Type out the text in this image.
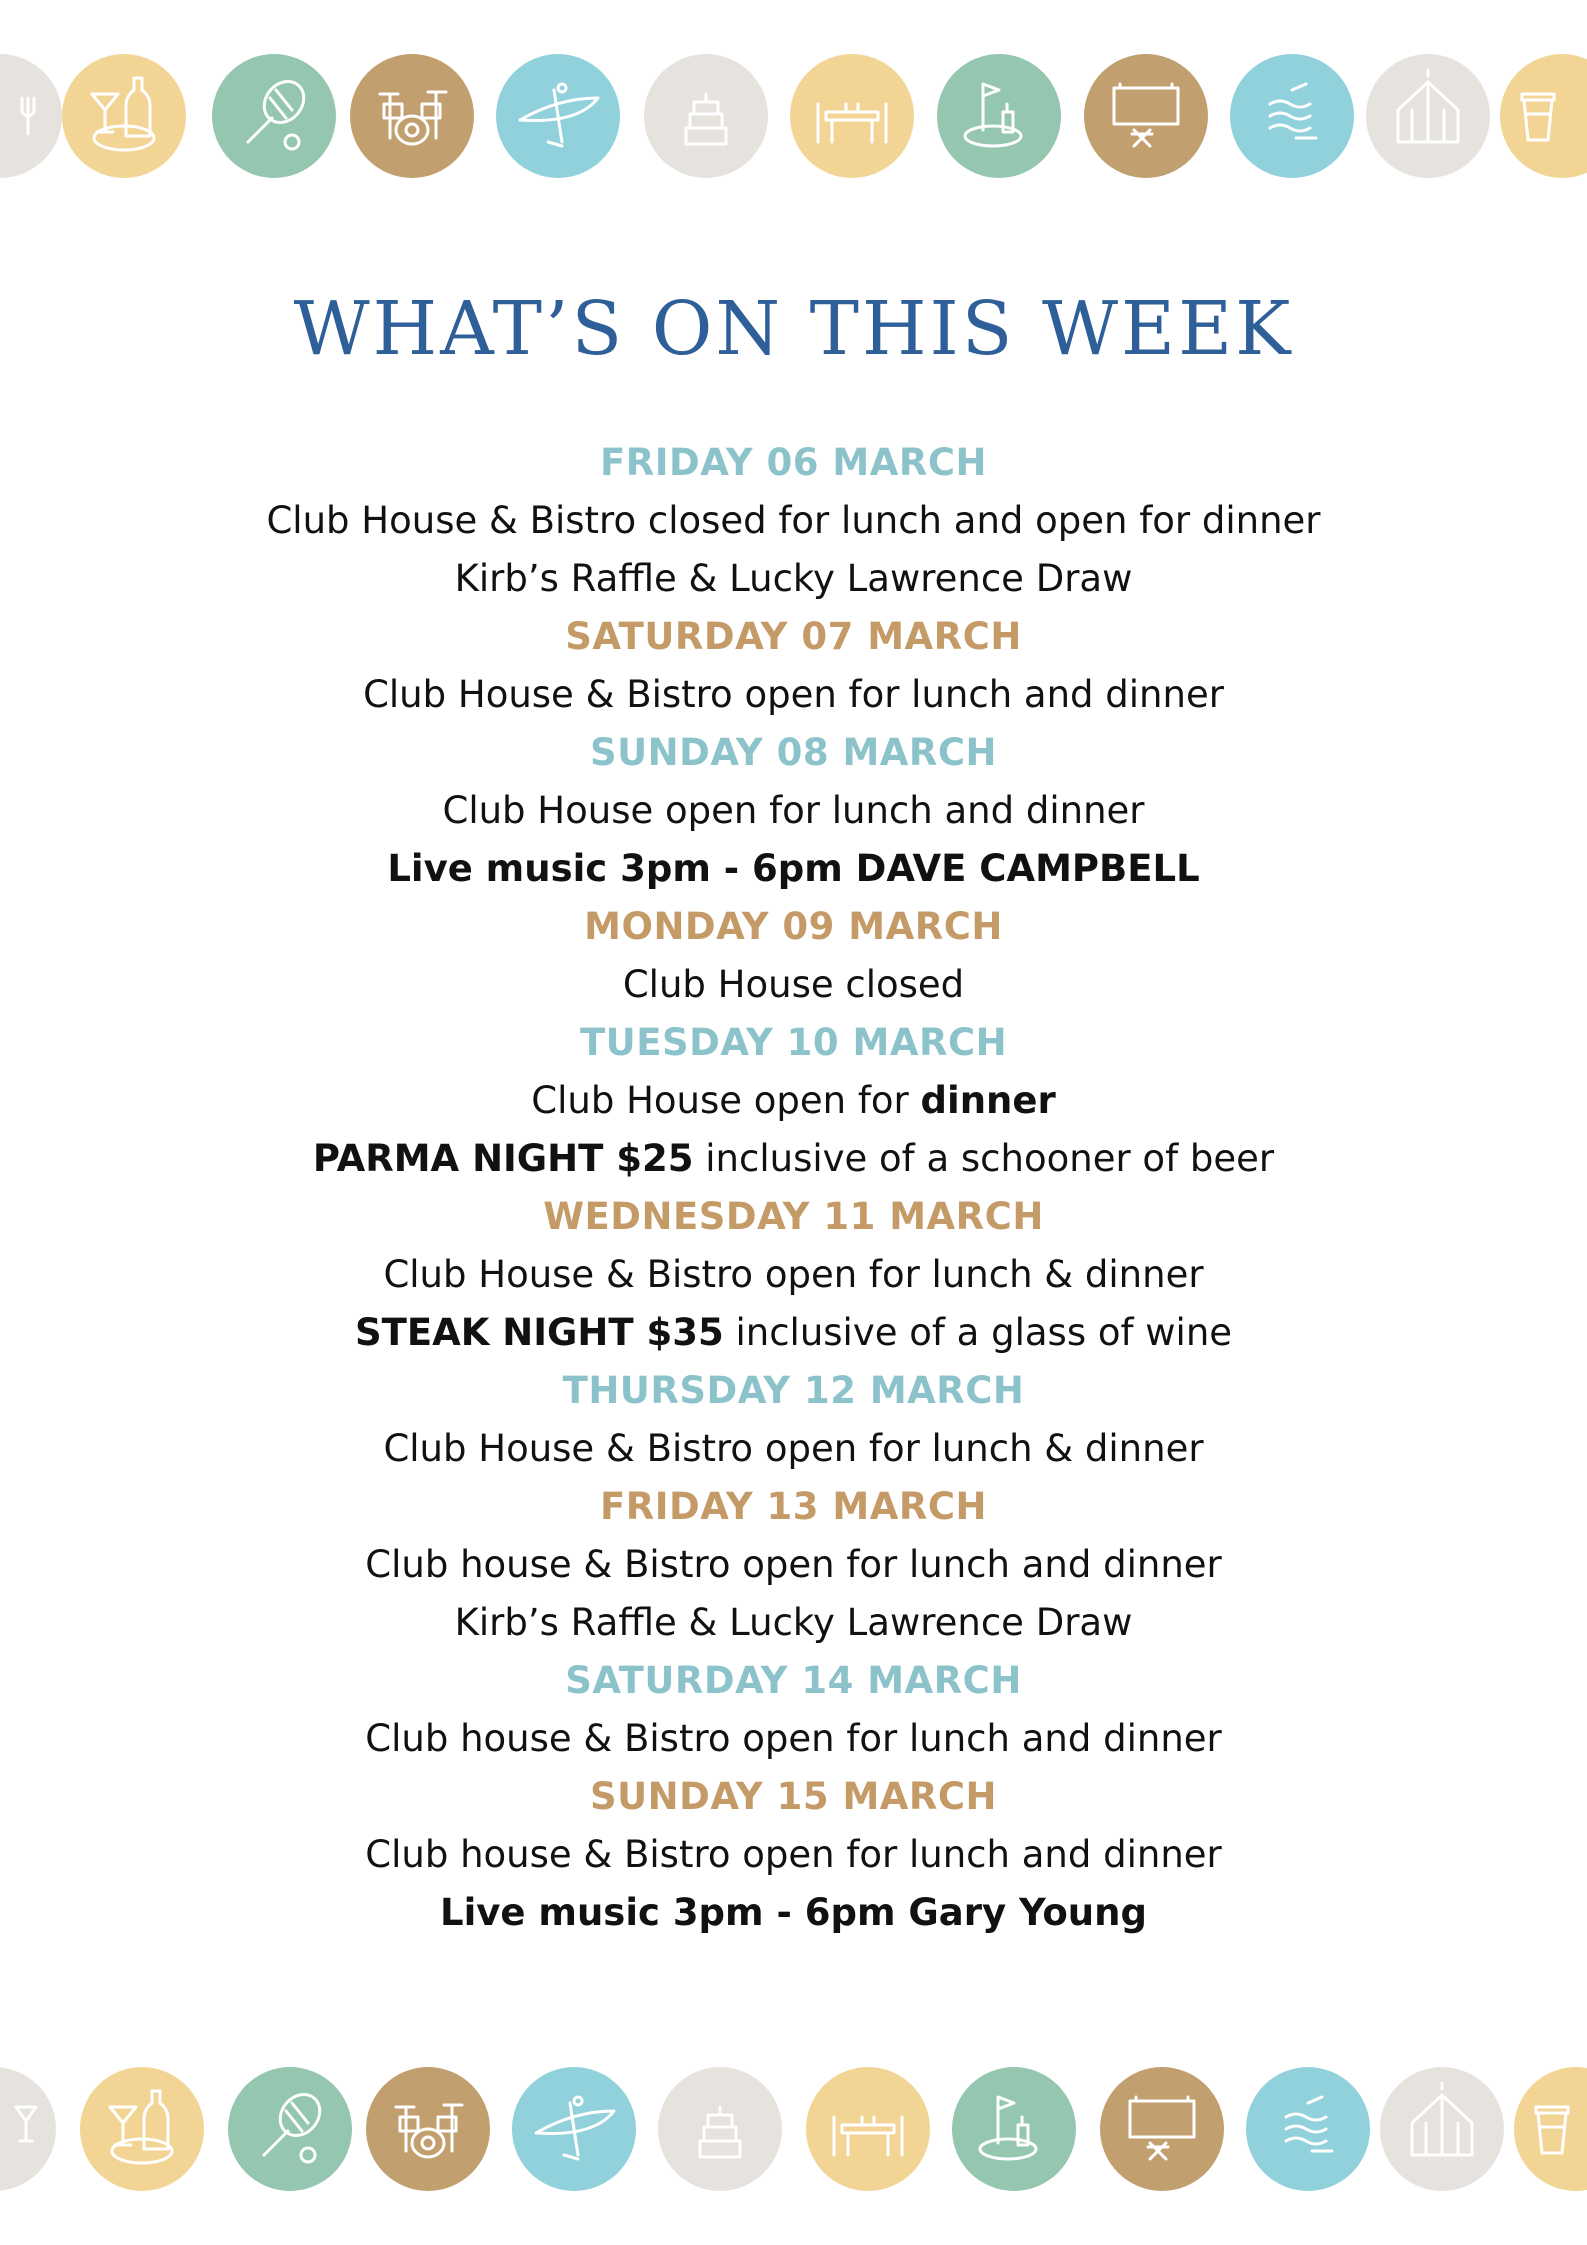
WHAT’S ON THIS WEEK
FRIDAY 06 MARCH
Club House & Bistro closed for lunch and open for dinner
Kirb’s Raffle & Lucky Lawrence Draw
SATURDAY 07 MARCH
Club House & Bistro open for lunch and dinner
SUNDAY 08 MARCH
Club House open for lunch and dinner
Live music 3pm - 6pm DAVE CAMPBELL
MONDAY 09 MARCH
Club House closed
TUESDAY 10 MARCH
Club House open for dinner
PARMA NIGHT $25 inclusive of a schooner of beer
WEDNESDAY 11 MARCH
Club House & Bistro open for lunch & dinner
STEAK NIGHT $35 inclusive of a glass of wine
THURSDAY 12 MARCH
Club House & Bistro open for lunch & dinner
FRIDAY 13 MARCH
Club house & Bistro open for lunch and dinner
Kirb’s Raffle & Lucky Lawrence Draw
SATURDAY 14 MARCH
Club house & Bistro open for lunch and dinner
SUNDAY 15 MARCH
Club house & Bistro open for lunch and dinner
Live music 3pm - 6pm Gary Young
